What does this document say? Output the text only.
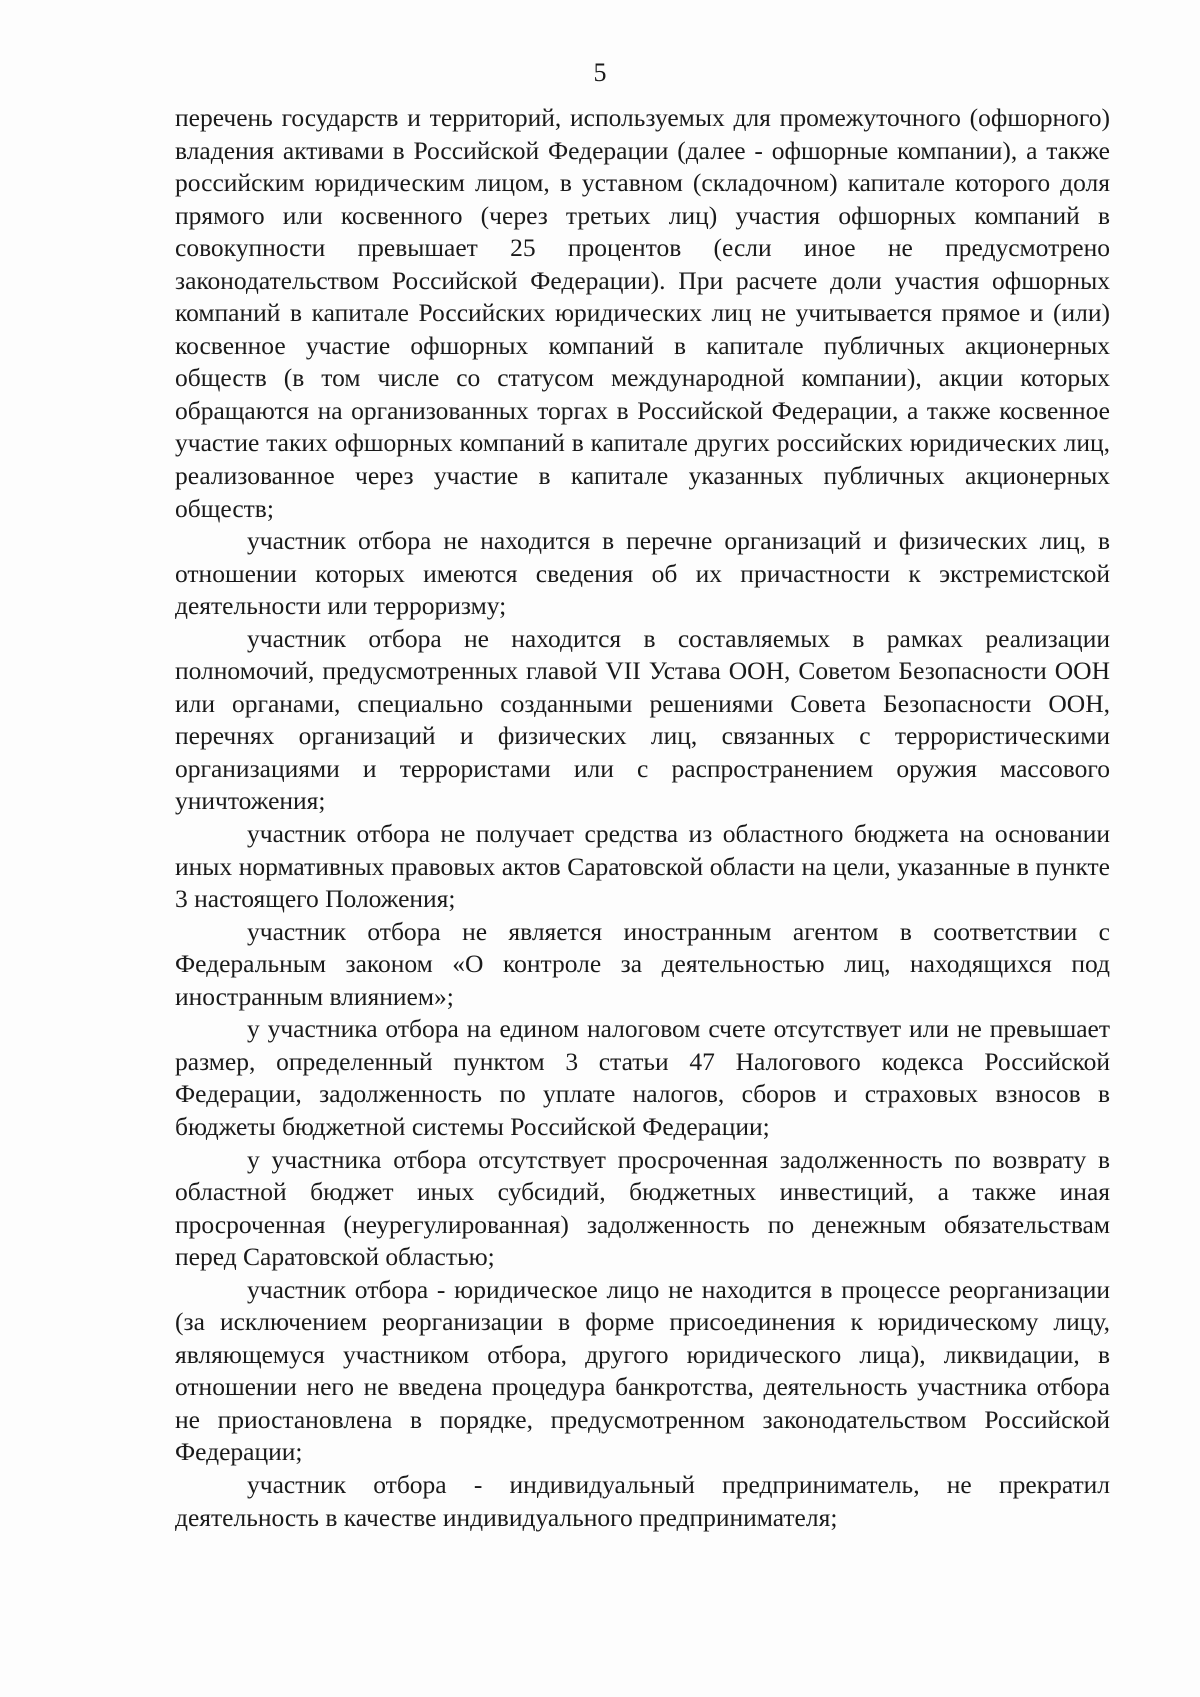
5

перечень государств и территорий, используемых для промежуточного (офшорного) владения активами в Российской Федерации (далее - офшорные компании), а также российским юридическим лицом, в уставном (складочном) капитале которого доля прямого или косвенного (через третьих лиц) участия офшорных компаний в совокупности превышает 25 процентов (если иное не предусмотрено законодательством Российской Федерации). При расчете доли участия офшорных компаний в капитале Российских юридических лиц не учитывается прямое и (или) косвенное участие офшорных компаний в капитале публичных акционерных обществ (в том числе со статусом международной компании), акции которых обращаются на организованных торгах в Российской Федерации, а также косвенное участие таких офшорных компаний в капитале других российских юридических лиц, реализованное через участие в капитале указанных публичных акционерных обществ;

участник отбора не находится в перечне организаций и физических лиц, в отношении которых имеются сведения об их причастности к экстремистской деятельности или терроризму;

участник отбора не находится в составляемых в рамках реализации полномочий, предусмотренных главой VII Устава ООН, Советом Безопасности ООН или органами, специально созданными решениями Совета Безопасности ООН, перечнях организаций и физических лиц, связанных с террористическими организациями и террористами или с распространением оружия массового уничтожения;

участник отбора не получает средства из областного бюджета на основании иных нормативных правовых актов Саратовской области на цели, указанные в пункте 3 настоящего Положения;

участник отбора не является иностранным агентом в соответствии с Федеральным законом «О контроле за деятельностью лиц, находящихся под иностранным влиянием»;

у участника отбора на едином налоговом счете отсутствует или не превышает размер, определенный пунктом 3 статьи 47 Налогового кодекса Российской Федерации, задолженность по уплате налогов, сборов и страховых взносов в бюджеты бюджетной системы Российской Федерации;

у участника отбора отсутствует просроченная задолженность по возврату в областной бюджет иных субсидий, бюджетных инвестиций, а также иная просроченная (неурегулированная) задолженность по денежным обязательствам перед Саратовской областью;

участник отбора - юридическое лицо не находится в процессе реорганизации (за исключением реорганизации в форме присоединения к юридическому лицу, являющемуся участником отбора, другого юридического лица), ликвидации, в отношении него не введена процедура банкротства, деятельность участника отбора не приостановлена в порядке, предусмотренном законодательством Российской Федерации;

участник отбора - индивидуальный предприниматель, не прекратил деятельность в качестве индивидуального предпринимателя;
